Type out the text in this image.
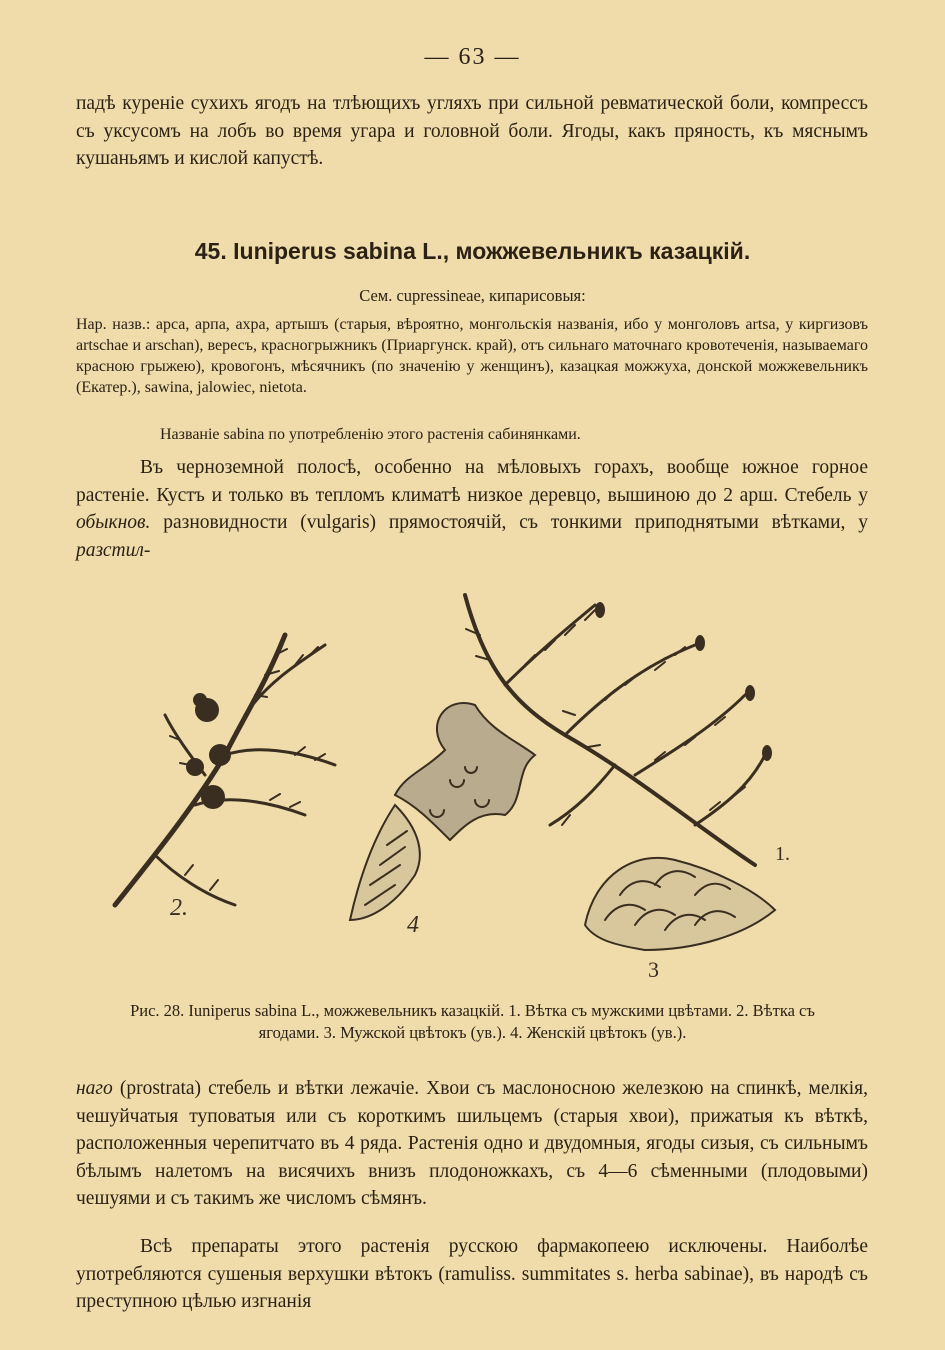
— 63 —
падѣ куреніе сухихъ ягодъ на тлѣющихъ угляхъ при сильной ревматической боли, компрессъ съ уксусомъ на лобъ во время угара и головной боли. Ягоды, какъ пряность, къ мяснымъ кушаньямъ и кислой капустѣ.
45. Iuniperus sabina L., можжевельникъ казацкій.
Сем. cupressineae, кипарисовыя:
Нар. назв.: арса, арпа, ахра, артышъ (старыя, вѣроятно, монгольскія названія, ибо у монголовъ artsa, у киргизовъ artschae и arschan), вересъ, красногрыжникъ (Приаргунск. край), отъ сильнаго маточнаго кровотеченія, называемаго красною грыжею), кровогонъ, мѣсячникъ (по значенію у женщинъ), казацкая можжуха, донской можжевельникъ (Екатер.), sawina, jalowiec, nietota.
Названіе sabina по употребленію этого растенія сабинянками.
Въ черноземной полосѣ, особенно на мѣловыхъ горахъ, вообще южное горное растеніе. Кустъ и только въ тепломъ климатѣ низкое деревцо, вышиною до 2 арш. Стебель у обыкнов. разновидности (vulgaris) прямостоячій, съ тонкими приподнятыми вѣтками, у разстил-
1.
2.
3
4
Рис. 28. Iuniperus sabina L., можжевельникъ казацкій. 1. Вѣтка съ мужскими цвѣтами. 2. Вѣтка съ ягодами. 3. Мужской цвѣтокъ (ув.). 4. Женскій цвѣтокъ (ув.).
наго (prostrata) стебель и вѣтки лежачіе. Хвои съ маслоносною железкою на спинкѣ, мелкія, чешуйчатыя туповатыя или съ короткимъ шильцемъ (старыя хвои), прижатыя къ вѣткѣ, расположенныя черепитчато въ 4 ряда. Растенія одно и двудомныя, ягоды сизыя, съ сильнымъ бѣлымъ налетомъ на висячихъ внизъ плодоножкахъ, съ 4—6 сѣменными (плодовыми) чешуями и съ такимъ же числомъ сѣмянъ.
Всѣ препараты этого растенія русскою фармакопеею исключены. Наиболѣе употребляются сушеныя верхушки вѣтокъ (ramuliss. summitates s. herba sabinae), въ народѣ съ преступною цѣлью изгнанія
